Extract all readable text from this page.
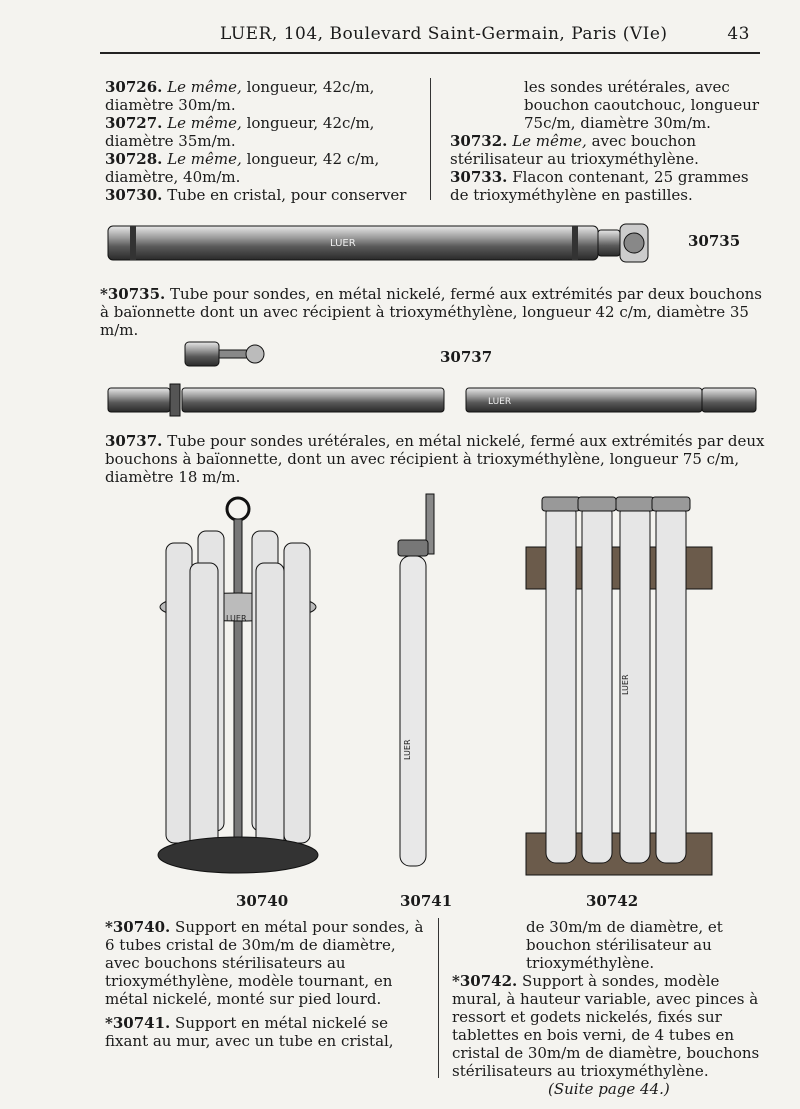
LUER, 104, Boulevard Saint-Germain, Paris (VIe)	43
30726. Le même, longueur, 42c/m, diamètre 30m/m.
30727. Le même, longueur, 42c/m, diamètre 35m/m.
30728. Le même, longueur, 42 c/m, diamètre, 40m/m.
30730. Tube en cristal, pour conserver
les sondes urétérales, avec bouchon caoutchouc, longueur 75c/m, diamètre 30m/m.
30732. Le même, avec bouchon stérilisateur au trioxyméthylène.
30733. Flacon contenant, 25 grammes de trioxyméthylène en pastilles.
LUER	30735
*30735. Tube pour sondes, en métal nickelé, fermé aux extrémités par deux bouchons à baïonnette dont un avec récipient à trioxyméthylène, longueur 42 c/m, diamètre 35 m/m.
30737
LUER
30737. Tube pour sondes urétérales, en métal nickelé, fermé aux extrémités par deux bouchons à baïonnette, dont un avec récipient à trioxyméthylène, longueur 75 c/m, diamètre 18 m/m.
LUER
30740
LUER
30741
LUER
30742
*30740. Support en métal pour sondes, à 6 tubes cristal de 30m/m de diamètre, avec bouchons stérilisateurs au trioxyméthylène, modèle tournant, en métal nickelé, monté sur pied lourd.
*30741. Support en métal nickelé se fixant au mur, avec un tube en cristal,
de 30m/m de diamètre, et bouchon stérilisateur au trioxyméthylène.
*30742. Support à sondes, modèle mural, à hauteur variable, avec pinces à ressort et godets nickelés, fixés sur tablettes en bois verni, de 4 tubes en cristal de 30m/m de diamètre, bouchons stérilisateurs au trioxyméthylène.
(Suite page 44.)
